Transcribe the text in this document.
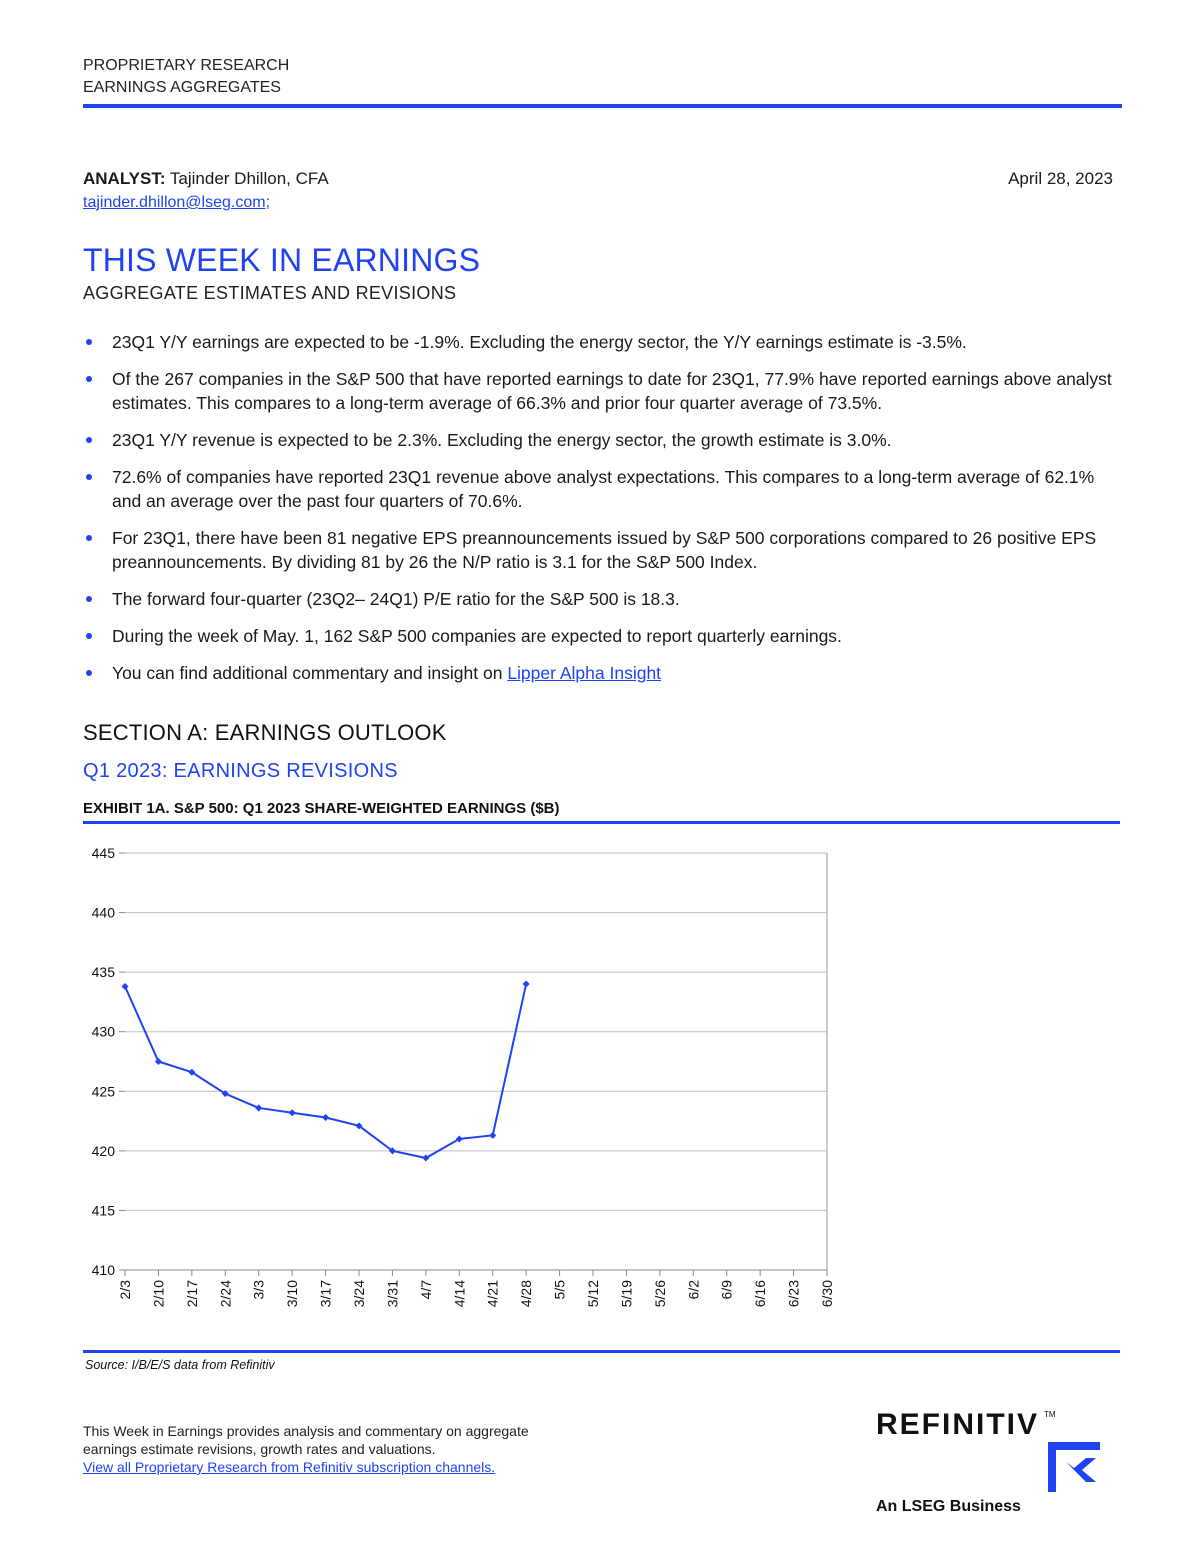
PROPRIETARY RESEARCH
EARNINGS AGGREGATES
ANALYST: Tajinder Dhillon, CFA	April 28, 2023
tajinder.dhillon@lseg.com;
THIS WEEK IN EARNINGS
AGGREGATE ESTIMATES AND REVISIONS
23Q1 Y/Y earnings are expected to be -1.9%. Excluding the energy sector, the Y/Y earnings estimate is -3.5%.
Of the 267 companies in the S&P 500 that have reported earnings to date for 23Q1, 77.9% have reported earnings above analyst estimates. This compares to a long-term average of 66.3% and prior four quarter average of 73.5%.
23Q1 Y/Y revenue is expected to be 2.3%. Excluding the energy sector, the growth estimate is 3.0%.
72.6% of companies have reported 23Q1 revenue above analyst expectations. This compares to a long-term average of 62.1% and an average over the past four quarters of 70.6%.
For 23Q1, there have been 81 negative EPS preannouncements issued by S&P 500 corporations compared to 26 positive EPS preannouncements. By dividing 81 by 26 the N/P ratio is 3.1 for the S&P 500 Index.
The forward four-quarter (23Q2– 24Q1) P/E ratio for the S&P 500 is 18.3.
During the week of May. 1, 162 S&P 500 companies are expected to report quarterly earnings.
You can find additional commentary and insight on Lipper Alpha Insight
SECTION A: EARNINGS OUTLOOK
Q1 2023: EARNINGS REVISIONS
EXHIBIT 1A. S&P 500: Q1 2023 SHARE-WEIGHTED EARNINGS ($B)
410
415
420
425
430
435
440
445
2/3 2/10 2/17 2/24 3/3 3/10 3/17 3/24 3/31 4/7 4/14 4/21 4/28 5/5 5/12 5/19 5/26 6/2 6/9 6/16 6/23 6/30
Source: I/B/E/S data from Refinitiv
This Week in Earnings provides analysis and commentary on aggregate
earnings estimate revisions, growth rates and valuations.
View all Proprietary Research from Refinitiv subscription channels.
REFINITIV TM
An LSEG Business
